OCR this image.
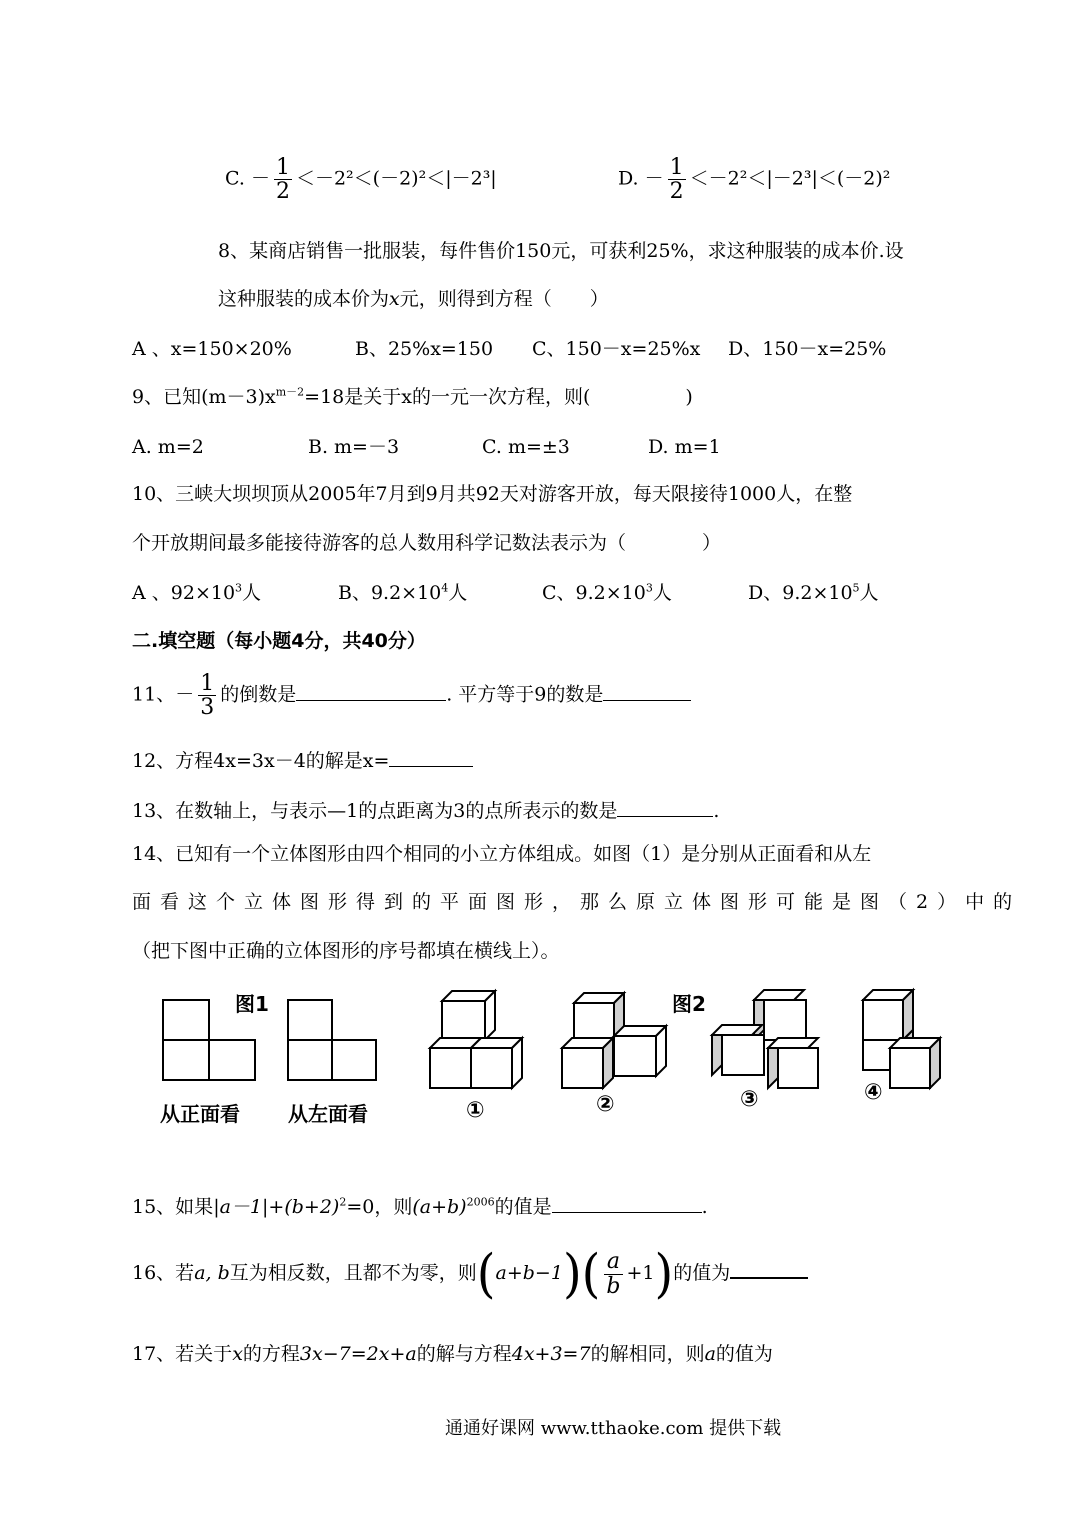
C. － $\frac{1}{2} <-2^2<(-2)^2<|-2^3|$	D. － $\frac{1}{2} <-2^2<|-2^3|<(-2)^2$
8、某商店销售一批服装，每件售价150元，可获利25%，求这种服装的成本价.设
这种服装的成本价为x元，则得到方程（　　）
A 、x=150×20%	B、25%x=150 C、150－x=25%x D、150－x=25%
9、已知$(m-3)x^{m-2}=18$是关于x的一元一次方程，则(　　　　　)
A. m=2	B. m=－3	C. m=±3	D. m=1
10、三峡大坝坝顶从2005年7月到9月共92天对游客开放，每天限接待1000人，在整
个开放期间最多能接待游客的总人数用科学记数法表示为（　　　　）
A 、$92\times 10^3$人	B、$9.2\times 10^4$人	C、$9.2\times 10^3$人	D、$9.2\times 10^5$人
二.填空题（每小题4分，共40分）
11、－ $\frac{1}{3}$ 的倒数是	. 平方等于9的数是
12、方程4x=3x－4的解是x=
13、在数轴上，与表示—1的点距离为3的点所表示的数是	.
14、已知有一个立体图形由四个相同的小立方体组成。如图（1）是分别从正面看和从左
面看这个立体图形得到的平面图形，那么原立体图形可能是图（2）中的
（把下图中正确的立体图形的序号都填在横线上）。
图1	图2
从正面看 从左面看	①	②	③	④
15、如果$|a-1|+(b+2)^2=0$，则$(a+b)^{2006}$的值是	.
16、若a, b互为相反数，且都不为零，则$(a+b-1)( \frac{a}{b} +1)$的值为
17、若关于x的方程3x−7=2x+a的解与方程4x+3=7的解相同，则a的值为
通通好课网 www.tthaoke.com 提供下载
